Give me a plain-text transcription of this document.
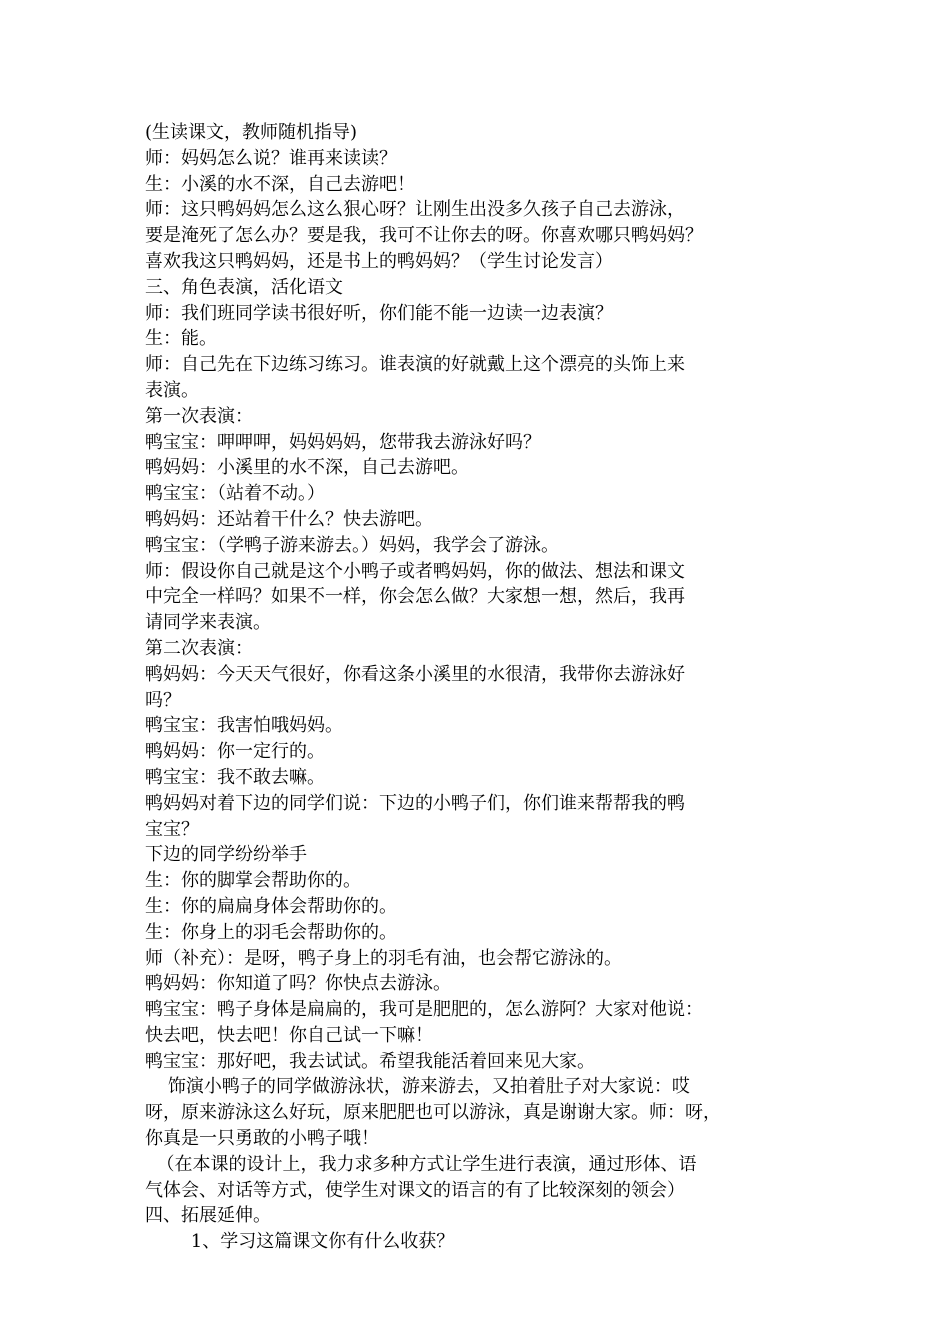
(生读课文，教师随机指导)
师：妈妈怎么说？谁再来读读？
生：小溪的水不深，自己去游吧！
师：这只鸭妈妈怎么这么狠心呀？让刚生出没多久孩子自己去游泳，
要是淹死了怎么办？要是我，我可不让你去的呀。你喜欢哪只鸭妈妈？
喜欢我这只鸭妈妈，还是书上的鸭妈妈？（学生讨论发言）
三、角色表演，活化语文
师：我们班同学读书很好听，你们能不能一边读一边表演？
生：能。
师：自己先在下边练习练习。谁表演的好就戴上这个漂亮的头饰上来
表演。
第一次表演：
鸭宝宝：呷呷呷，妈妈妈妈，您带我去游泳好吗？
鸭妈妈：小溪里的水不深，自己去游吧。
鸭宝宝：（站着不动。）
鸭妈妈：还站着干什么？快去游吧。
鸭宝宝：（学鸭子游来游去。）妈妈，我学会了游泳。
师：假设你自己就是这个小鸭子或者鸭妈妈，你的做法、想法和课文
中完全一样吗？如果不一样，你会怎么做？大家想一想，然后，我再
请同学来表演。
第二次表演：
鸭妈妈：今天天气很好，你看这条小溪里的水很清，我带你去游泳好
吗？
鸭宝宝：我害怕哦妈妈。
鸭妈妈：你一定行的。
鸭宝宝：我不敢去嘛。
鸭妈妈对着下边的同学们说：下边的小鸭子们，你们谁来帮帮我的鸭
宝宝？
下边的同学纷纷举手
生：你的脚掌会帮助你的。
生：你的扁扁身体会帮助你的。
生：你身上的羽毛会帮助你的。
师（补充）：是呀，鸭子身上的羽毛有油，也会帮它游泳的。
鸭妈妈：你知道了吗？你快点去游泳。
鸭宝宝：鸭子身体是扁扁的，我可是肥肥的，怎么游阿？大家对他说：
快去吧，快去吧！你自己试一下嘛！
鸭宝宝：那好吧，我去试试。希望我能活着回来见大家。
饰演小鸭子的同学做游泳状，游来游去，又拍着肚子对大家说：哎
呀，原来游泳这么好玩，原来肥肥也可以游泳，真是谢谢大家。师：呀，
你真是一只勇敢的小鸭子哦！
（在本课的设计上，我力求多种方式让学生进行表演，通过形体、语
气体会、对话等方式，使学生对课文的语言的有了比较深刻的领会）
四、拓展延伸。
1、学习这篇课文你有什么收获？
